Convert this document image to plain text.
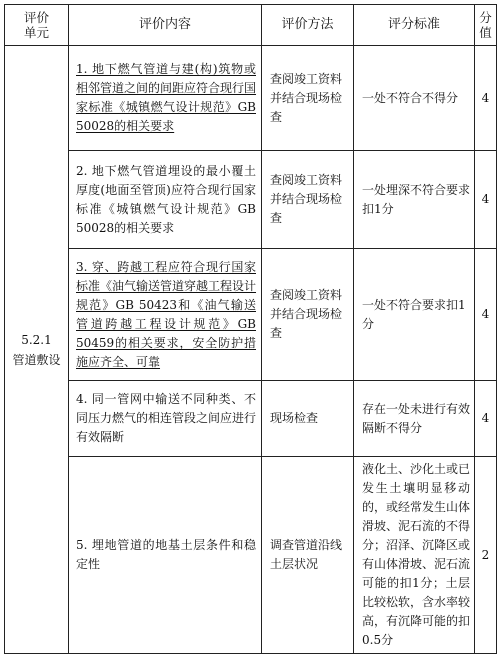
评价
单元	评价内容	评价方法	评分标准	分
值

5.2.1
管道敷设	1. 地下燃气管道与建(构)筑物或相邻管道之间的间距应符合现行国家标准《城镇燃气设计规范》GB 50028的相关要求	查阅竣工资料并结合现场检查	一处不符合不得分	4
	2. 地下燃气管道埋设的最小覆土厚度(地面至管顶)应符合现行国家标准《城镇燃气设计规范》GB 50028的相关要求	查阅竣工资料并结合现场检查	一处埋深不符合要求扣1分	4
	3. 穿、跨越工程应符合现行国家标准《油气输送管道穿越工程设计规范》GB 50423和《油气输送管道跨越工程设计规范》GB 50459的相关要求，安全防护措施应齐全、可靠	查阅竣工资料并结合现场检查	一处不符合要求扣1分	4
	4. 同一管网中输送不同种类、不同压力燃气的相连管段之间应进行有效隔断	现场检查	存在一处未进行有效隔断不得分	4
	5. 埋地管道的地基土层条件和稳定性	调查管道沿线土层状况	液化土、沙化土或已发生土壤明显移动的，或经常发生山体滑坡、泥石流的不得分；沼泽、沉降区或有山体滑坡、泥石流可能的扣1分；土层比较松软，含水率较高，有沉降可能的扣0.5分	2
